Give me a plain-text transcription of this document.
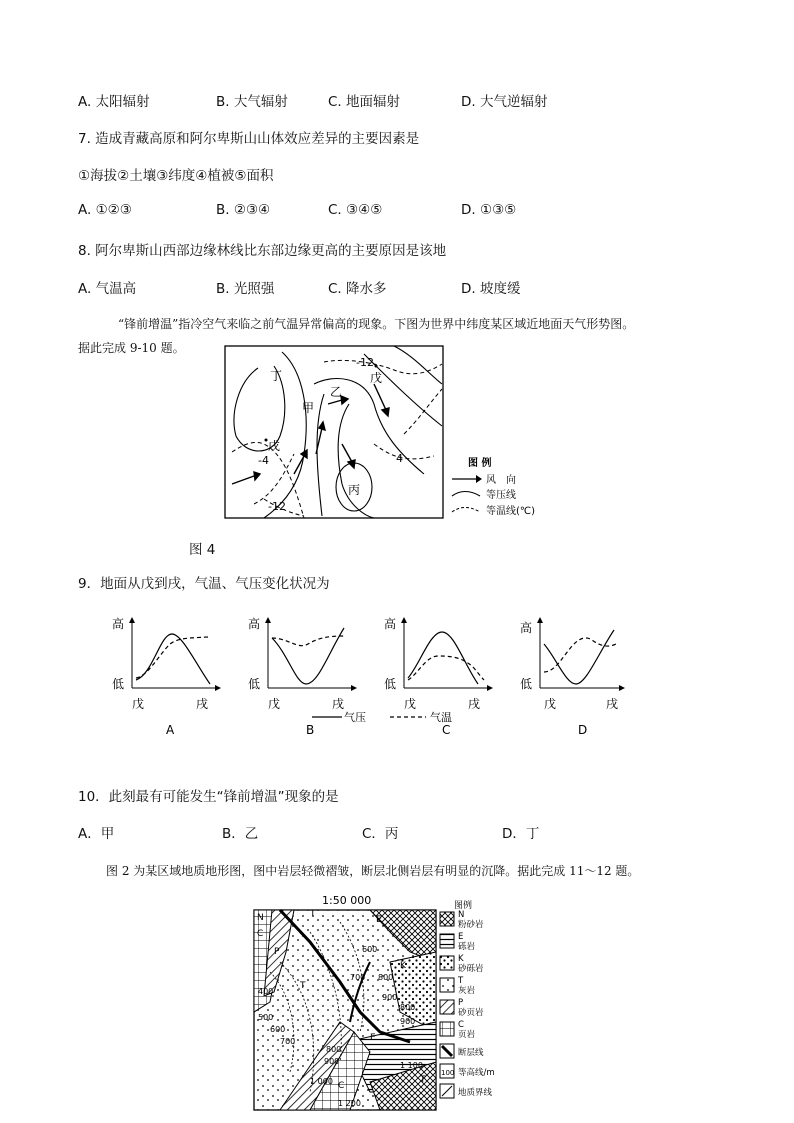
A. 太阳辐射	B. 大气辐射	C. 地面辐射	D. 大气逆辐射
7. 造成青藏高原和阿尔卑斯山山体效应差异的主要因素是
①海拔②土壤③纬度④植被⑤面积
A. ①②③	B. ②③④	C. ③④⑤	D. ①③⑤
8. 阿尔卑斯山西部边缘林线比东部边缘更高的主要原因是该地
A. 气温高	B. 光照强	C. 降水多	D. 坡度缓
“锋前增温”指冷空气来临之前气温异常偏高的现象。下图为世界中纬度某区域近地面天气形势图。
据此完成 9-10 题。
丁
甲
乙
丙
戊
戊
-12
-12
-4	4	图 例
风　向
等压线
等温线(℃)
图 4
9．地面从戊到戌，气温、气压变化状况为
高
低
戊	戌
A
高
低
戊	戌
B
高
低
戊	戌
C
高
低
戊	戌
D
气压	气温
10．此刻最有可能发生“锋前增温”现象的是
A．甲	B．乙	C．丙	D．丁
图 2 为某区域地质地形图，图中岩层轻微褶皱，断层北侧岩层有明显的沉降。据此完成 11～12 题。
1:50 000
600
700 800
900
400
500
600
700
800
900
800
900
1 000
1 200
1 100
N
C
P
T
E
K
T
C
E
T
图例
N
粉砂岩
E
砾岩
K
砂砾岩
T
灰岩
P
砂页岩
C
页岩
断层线
100 等高线/m
地质界线
